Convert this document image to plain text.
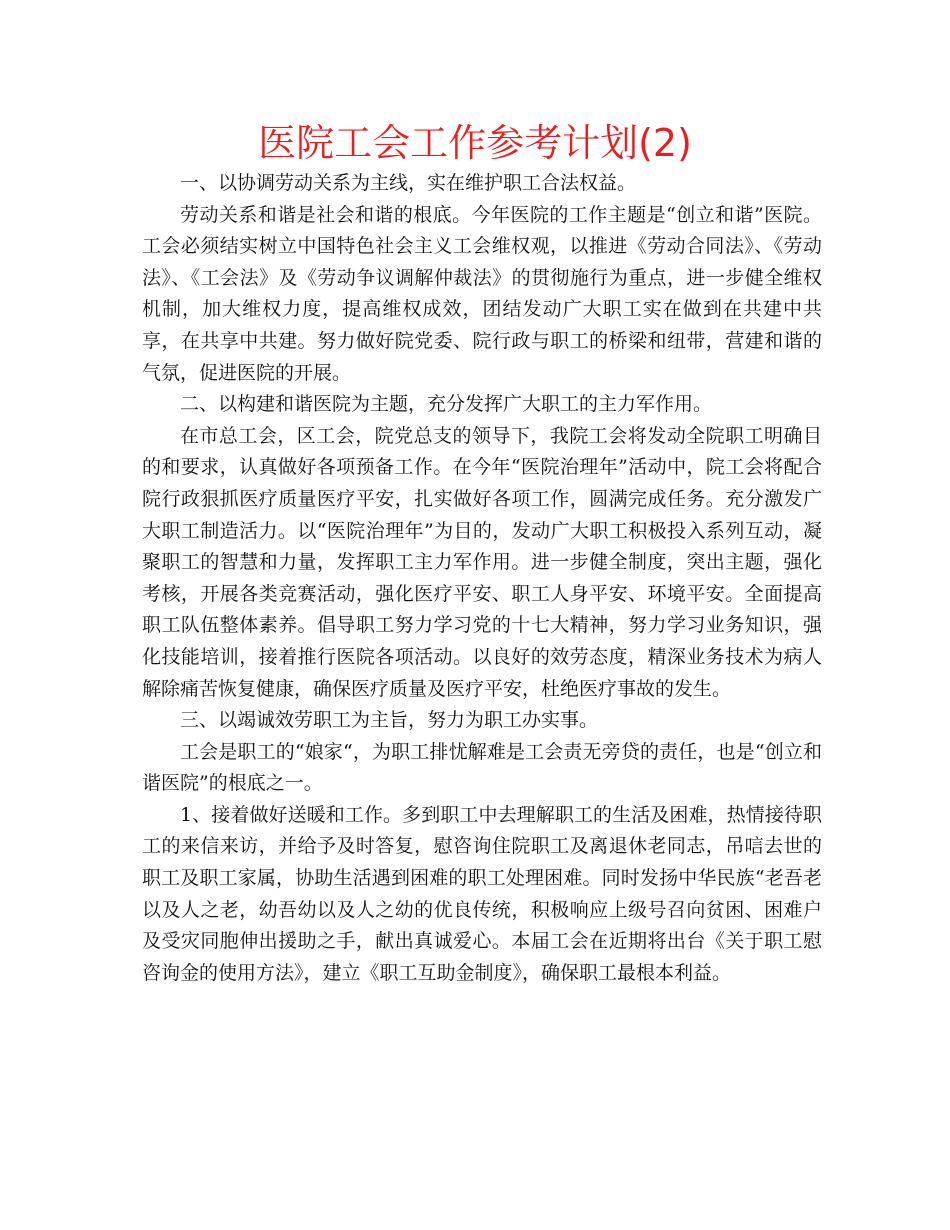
医院工会工作参考计划(2)

一、以协调劳动关系为主线，实在维护职工合法权益。

劳动关系和谐是社会和谐的根底。今年医院的工作主题是“创立和谐”医院。工会必须结实树立中国特色社会主义工会维权观，以推进《劳动合同法》、《劳动法》、《工会法》及《劳动争议调解仲裁法》的贯彻施行为重点，进一步健全维权机制，加大维权力度，提高维权成效，团结发动广大职工实在做到在共建中共享，在共享中共建。努力做好院党委、院行政与职工的桥梁和纽带，营建和谐的气氛，促进医院的开展。

二、以构建和谐医院为主题，充分发挥广大职工的主力军作用。

在市总工会，区工会，院党总支的领导下，我院工会将发动全院职工明确目的和要求，认真做好各项预备工作。在今年“医院治理年”活动中，院工会将配合院行政狠抓医疗质量医疗平安，扎实做好各项工作，圆满完成任务。充分激发广大职工制造活力。以“医院治理年”为目的，发动广大职工积极投入系列互动，凝聚职工的智慧和力量，发挥职工主力军作用。进一步健全制度，突出主题，强化考核，开展各类竞赛活动，强化医疗平安、职工人身平安、环境平安。全面提高职工队伍整体素养。倡导职工努力学习党的十七大精神，努力学习业务知识，强化技能培训，接着推行医院各项活动。以良好的效劳态度，精深业务技术为病人解除痛苦恢复健康，确保医疗质量及医疗平安，杜绝医疗事故的发生。

三、以竭诚效劳职工为主旨，努力为职工办实事。

工会是职工的“娘家“，为职工排忧解难是工会责无旁贷的责任，也是“创立和谐医院”的根底之一。

1、接着做好送暖和工作。多到职工中去理解职工的生活及困难，热情接待职工的来信来访，并给予及时答复，慰咨询住院职工及离退休老同志，吊唁去世的职工及职工家属，协助生活遇到困难的职工处理困难。同时发扬中华民族“老吾老以及人之老，幼吾幼以及人之幼的优良传统，积极响应上级号召向贫困、困难户及受灾同胞伸出援助之手，献出真诚爱心。本届工会在近期将出台《关于职工慰咨询金的使用方法》，建立《职工互助金制度》，确保职工最根本利益。
